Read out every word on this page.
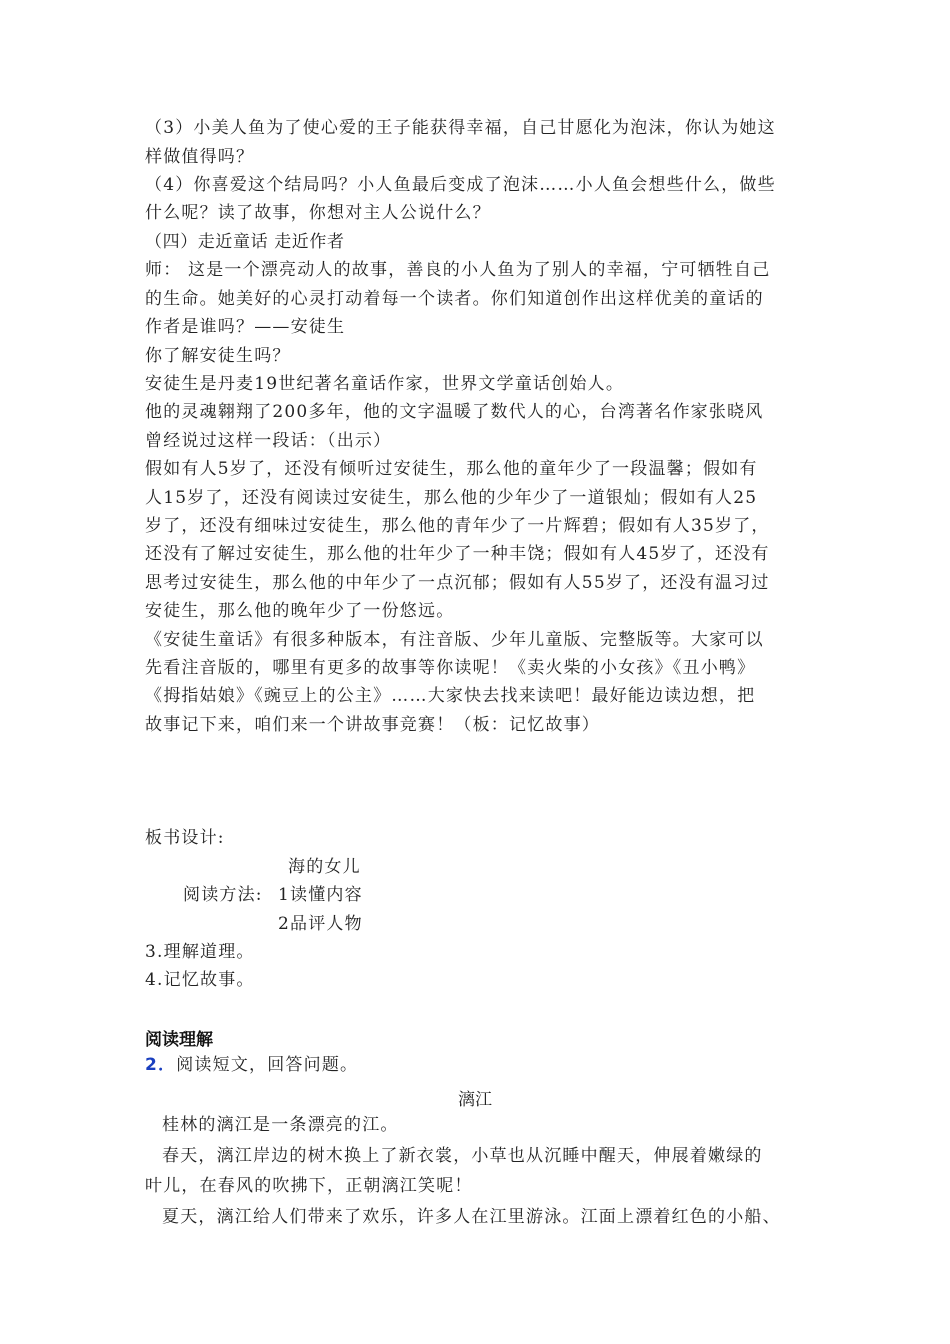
（3）小美人鱼为了使心爱的王子能获得幸福，自己甘愿化为泡沫，你认为她这
样做值得吗？
（4）你喜爱这个结局吗？小人鱼最后变成了泡沫……小人鱼会想些什么，做些
什么呢？读了故事，你想对主人公说什么？
（四）走近童话 走近作者
师： 这是一个漂亮动人的故事，善良的小人鱼为了别人的幸福，宁可牺牲自己
的生命。她美好的心灵打动着每一个读者。你们知道创作出这样优美的童话的
作者是谁吗？——安徒生
你了解安徒生吗？
安徒生是丹麦19世纪著名童话作家，世界文学童话创始人。
他的灵魂翱翔了200多年，他的文字温暖了数代人的心，台湾著名作家张晓风
曾经说过这样一段话：（出示）
假如有人5岁了，还没有倾听过安徒生，那么他的童年少了一段温馨；假如有
人15岁了，还没有阅读过安徒生，那么他的少年少了一道银灿；假如有人25
岁了，还没有细味过安徒生，那么他的青年少了一片辉碧；假如有人35岁了，
还没有了解过安徒生，那么他的壮年少了一种丰饶；假如有人45岁了，还没有
思考过安徒生，那么他的中年少了一点沉郁；假如有人55岁了，还没有温习过
安徒生，那么他的晚年少了一份悠远。
《安徒生童话》有很多种版本，有注音版、少年儿童版、完整版等。大家可以
先看注音版的，哪里有更多的故事等你读呢！《卖火柴的小女孩》《丑小鸭》
《拇指姑娘》《豌豆上的公主》……大家快去找来读吧！最好能边读边想，把
故事记下来，咱们来一个讲故事竞赛！（板：记忆故事）
板书设计:
海的女儿
阅读方法: 1读懂内容
2品评人物
3.理解道理。
4.记忆故事。
阅读理解
2．阅读短文，回答问题。
漓江
桂林的漓江是一条漂亮的江。
春天，漓江岸边的树木换上了新衣裳，小草也从沉睡中醒天，伸展着嫩绿的
叶儿，在春风的吹拂下，正朝漓江笑呢！
夏天，漓江给人们带来了欢乐，许多人在江里游泳。江面上漂着红色的小船、
